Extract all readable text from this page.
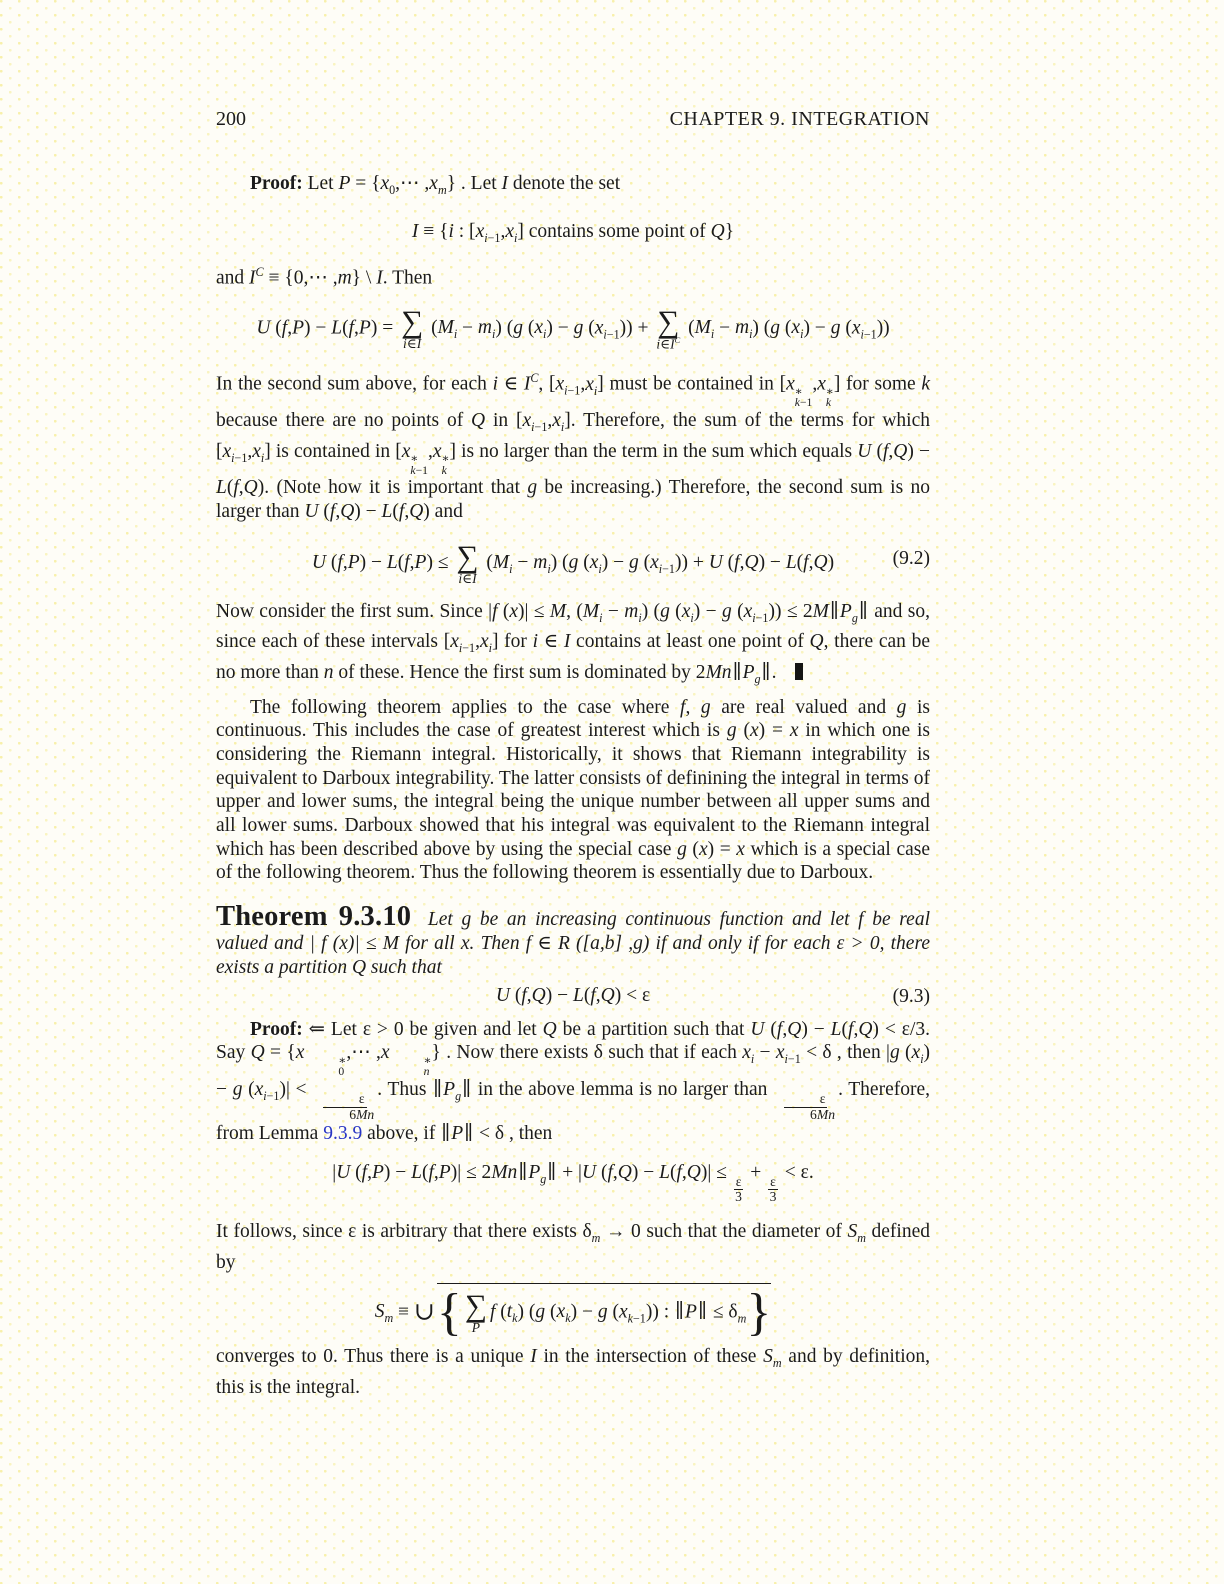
200	CHAPTER 9. INTEGRATION

Proof: Let $P = \{x_0,\cdots$ $,x_m$} . Let I denote the set

I ≡ {i : $[x_{i-1},x_i]$ contains some point of Q}

and $I^C$ ≡ {0,⋯ ,m} \ I. Then

U (f,P) − L(f,P) = ∑
i∈I
$(M_i - m_i)$ (g $(x_i) - g$ $(x_{i-1})$) + ∑
$i\in I^C$
$(M_i - m_i)$ (g $(x_i) - g$ $(x_{i-1})$)

In the second sum above, for each i ∈ $I^C$, $[x_{i-1},x_i]$ must be contained in [x ∗
k−1
,x ∗
k
] for some k because there are no points of Q in $[x_{i-1},x_i]$. Therefore, the sum of the terms for which $[x_{i-1},x_i]$ is contained in [x ∗
k−1
,x ∗
k
] is no larger than the term in the sum which equals U (f,Q) − L(f,Q). (Note how it is important that g be increasing.) Therefore, the second sum is no larger than U (f,Q) − L(f,Q) and

U (f,P) − L(f,P) ≤ ∑
i∈I
$(M_i - m_i)$ (g $(x_i) - g$ $(x_{i-1})) + U$ (f,Q) − L(f,Q)	(9.2)

Now consider the first sum. Since |f (x)| ≤ M, $(M_i - m_i)$ (g $(x_i) - g$ $(x_{i-1})) \le 2M$ ∥ $P_g$ ∥ and so, since each of these intervals $[x_{i-1},x_i]$ for i ∈ I contains at least one point of Q, there can be no more than n of these. Hence the first sum is dominated by 2Mn ∥ $P_g$ ∥ .

The following theorem applies to the case where f, g are real valued and g is continuous. This includes the case of greatest interest which is g (x) = x in which one is considering the Riemann integral. Historically, it shows that Riemann integrability is equivalent to Darboux integrability. The latter consists of definining the integral in terms of upper and lower sums, the integral being the unique number between all upper sums and all lower sums. Darboux showed that his integral was equivalent to the Riemann integral which has been described above by using the special case g (x) = x which is a special case of the following theorem. Thus the following theorem is essentially due to Darboux.

Theorem 9.3.10 Let g be an increasing continuous function and let f be real valued and | f (x)| ≤ M for all x. Then f ∈ R ([a,b] ,g) if and only if for each ε > 0, there exists a partition Q such that

U (f,Q) − L(f,Q) < ε	(9.3)

Proof: ⇐ Let ε > 0 be given and let Q be a partition such that U (f,Q) − L(f,Q) < ε/3. Say Q = {x	∗
0
,⋯ ,x	∗
n
} . Now there exists δ such that if each $x_i - x_{i-1} < \delta$ , then |g $(x_i) - g$ $(x_{i-1})|$ <
$\frac{\varepsilon}{6Mn}$
. Thus ∥ $P_g$ ∥ in the above lemma is no larger than
$\frac{\varepsilon}{6Mn}$
. Therefore, from Lemma 9.3.9 above, if ∥ P ∥ < δ , then

|U (f,P) − L(f,P)| ≤ 2Mn ∥ $P_g$ ∥ + |U (f,Q) − L(f,Q)| ≤
$\frac{\varepsilon}{3}$
+
$\frac{\varepsilon}{3}$
< ε.

It follows, since ε is arbitrary that there exists $\delta_m \to 0$ such that the diameter of $S_m$ defined by

$S_m$ ≡ ∪{ ∑
P
f $(t_k)$ (g $(x_k) - g$ $(x_{k-1})$) : ∥ P ∥ ≤ $\delta_m$}

converges to 0. Thus there is a unique I in the intersection of these $S_m$ and by definition, this is the integral.
